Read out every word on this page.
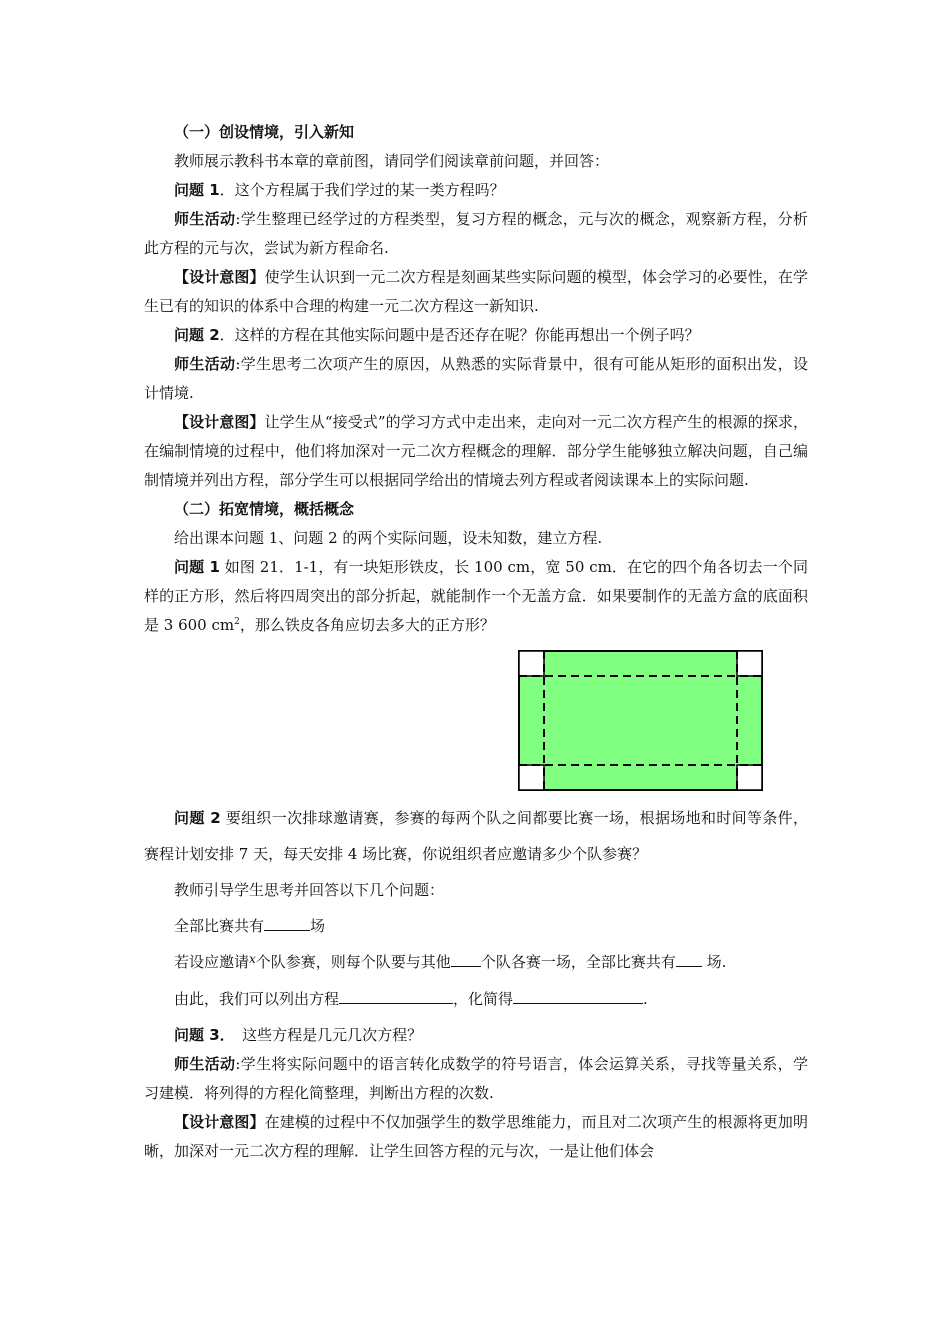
（一）创设情境，引入新知

教师展示教科书本章的章前图，请同学们阅读章前问题，并回答：

问题 1．这个方程属于我们学过的某一类方程吗？

师生活动:学生整理已经学过的方程类型，复习方程的概念，元与次的概念，观察新方程，分析此方程的元与次，尝试为新方程命名.

【设计意图】使学生认识到一元二次方程是刻画某些实际问题的模型，体会学习的必要性，在学生已有的知识的体系中合理的构建一元二次方程这一新知识.

问题 2．这样的方程在其他实际问题中是否还存在呢？你能再想出一个例子吗？

师生活动:学生思考二次项产生的原因，从熟悉的实际背景中，很有可能从矩形的面积出发，设计情境.

【设计意图】让学生从“接受式”的学习方式中走出来，走向对一元二次方程产生的根源的探求，在编制情境的过程中，他们将加深对一元二次方程概念的理解．部分学生能够独立解决问题，自己编制情境并列出方程，部分学生可以根据同学给出的情境去列方程或者阅读课本上的实际问题.

（二）拓宽情境，概括概念

给出课本问题 1、问题 2 的两个实际问题，设未知数，建立方程.

问题 1 如图 21．1-1，有一块矩形铁皮，长 100 cm，宽 50 cm．在它的四个角各切去一个同样的正方形，然后将四周突出的部分折起，就能制作一个无盖方盒．如果要制作的无盖方盒的底面积是 3 600 $cm^2$，那么铁皮各角应切去多大的正方形？

问题 2 要组织一次排球邀请赛，参赛的每两个队之间都要比赛一场，根据场地和时间等条件，赛程计划安排 7 天，每天安排 4 场比赛，你说组织者应邀请多少个队参赛？

教师引导学生思考并回答以下几个问题：

全部比赛共有	场

若设应邀请$^x$个队参赛，则每个队要与其他 个队各赛一场，全部比赛共有 场.

由此，我们可以列出方程	，化简得	.

问题 3．　这些方程是几元几次方程？

师生活动:学生将实际问题中的语言转化成数学的符号语言，体会运算关系，寻找等量关系，学习建模．将列得的方程化简整理，判断出方程的次数.

【设计意图】在建模的过程中不仅加强学生的数学思维能力，而且对二次项产生的根源将更加明晰，加深对一元二次方程的理解．让学生回答方程的元与次，一是让他们体会
